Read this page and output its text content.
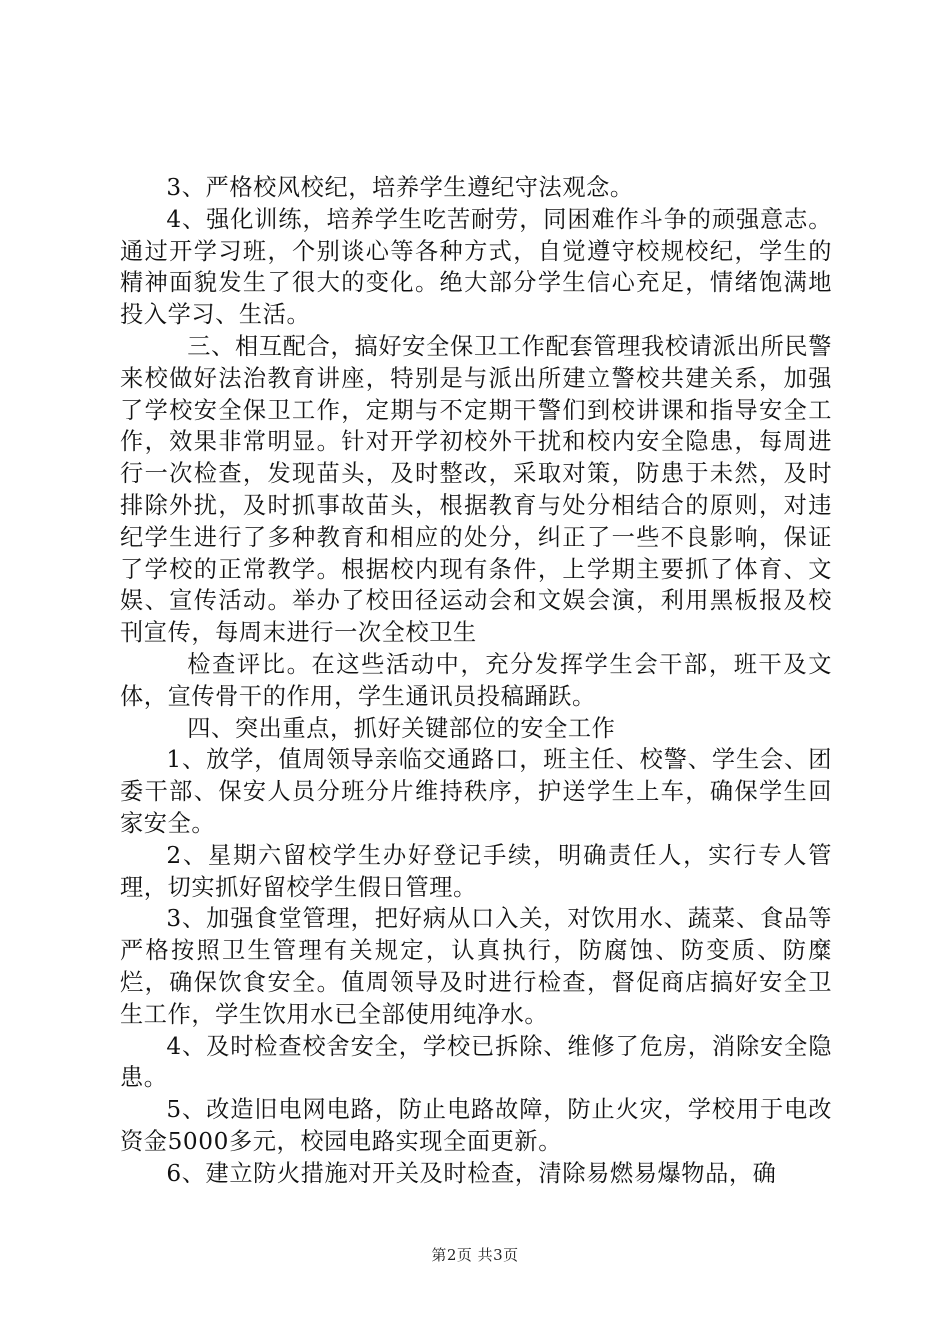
3、严格校风校纪，培养学生遵纪守法观念。

4、强化训练，培养学生吃苦耐劳，同困难作斗争的顽强意志。通过开学习班，个别谈心等各种方式，自觉遵守校规校纪，学生的精神面貌发生了很大的变化。绝大部分学生信心充足，情绪饱满地投入学习、生活。

三、相互配合，搞好安全保卫工作配套管理我校请派出所民警来校做好法治教育讲座，特别是与派出所建立警校共建关系，加强了学校安全保卫工作，定期与不定期干警们到校讲课和指导安全工作，效果非常明显。针对开学初校外干扰和校内安全隐患，每周进行一次检查，发现苗头，及时整改，采取对策，防患于未然，及时排除外扰，及时抓事故苗头，根据教育与处分相结合的原则，对违纪学生进行了多种教育和相应的处分，纠正了一些不良影响，保证了学校的正常教学。根据校内现有条件，上学期主要抓了体育、文娱、宣传活动。举办了校田径运动会和文娱会演，利用黑板报及校刊宣传，每周末进行一次全校卫生

检查评比。在这些活动中，充分发挥学生会干部，班干及文体，宣传骨干的作用，学生通讯员投稿踊跃。

四、突出重点，抓好关键部位的安全工作

1、放学，值周领导亲临交通路口，班主任、校警、学生会、团委干部、保安人员分班分片维持秩序，护送学生上车，确保学生回家安全。

2、星期六留校学生办好登记手续，明确责任人，实行专人管理，切实抓好留校学生假日管理。

3、加强食堂管理，把好病从口入关，对饮用水、蔬菜、食品等严格按照卫生管理有关规定，认真执行，防腐蚀、防变质、防糜烂，确保饮食安全。值周领导及时进行检查，督促商店搞好安全卫生工作，学生饮用水已全部使用纯净水。

4、及时检查校舍安全，学校已拆除、维修了危房，消除安全隐患。

5、改造旧电网电路，防止电路故障，防止火灾，学校用于电改资金5000多元，校园电路实现全面更新。

6、建立防火措施对开关及时检查，清除易燃易爆物品，确

第2页 共3页
